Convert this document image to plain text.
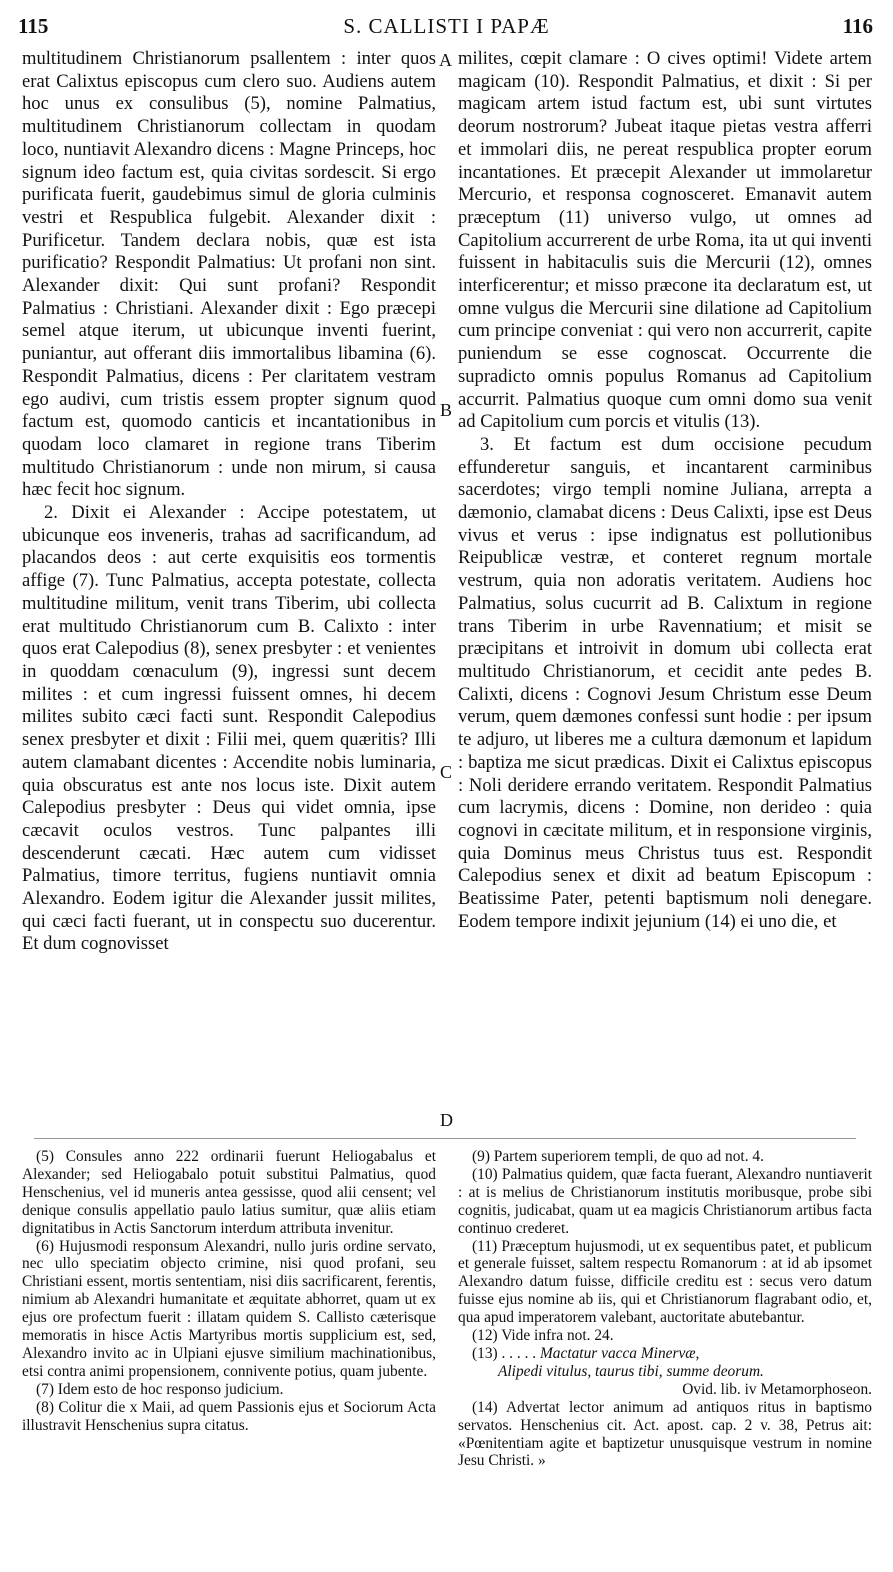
115	S. CALLISTI I PAPÆ	116
A
B
C
D

multitudinem Christianorum psallentem : inter quos erat Calixtus episcopus cum clero suo. Audiens autem hoc unus ex consulibus (5), nomine Palmatius, multitudinem Christianorum collectam in quodam loco, nuntiavit Alexandro dicens : Magne Princeps, hoc signum ideo factum est, quia civitas sordescit. Si ergo purificata fuerit, gaudebimus simul de gloria culminis vestri et Respublica fulgebit. Alexander dixit : Purificetur. Tandem declara nobis, quæ est ista purificatio? Respondit Palmatius: Ut profani non sint. Alexander dixit: Qui sunt profani? Respondit Palmatius : Christiani. Alexander dixit : Ego præcepi semel atque iterum, ut ubicunque inventi fuerint, puniantur, aut offerant diis immortalibus libamina (6). Respondit Palmatius, dicens : Per claritatem vestram ego audivi, cum tristis essem propter signum quod factum est, quomodo canticis et incantationibus in quodam loco clamaret in regione trans Tiberim multitudo Christianorum : unde non mirum, si causa hæc fecit hoc signum.

2. Dixit ei Alexander : Accipe potestatem, ut ubicunque eos inveneris, trahas ad sacrificandum, ad placandos deos : aut certe exquisitis eos tormentis affige (7). Tunc Palmatius, accepta potestate, collecta multitudine militum, venit trans Tiberim, ubi collecta erat multitudo Christianorum cum B. Calixto : inter quos erat Calepodius (8), senex presbyter : et venientes in quoddam cœnaculum (9), ingressi sunt decem milites : et cum ingressi fuissent omnes, hi decem milites subito cæci facti sunt. Respondit Calepodius senex presbyter et dixit : Filii mei, quem quæritis? Illi autem clamabant dicentes : Accendite nobis luminaria, quia obscuratus est ante nos locus iste. Dixit autem Calepodius presbyter : Deus qui videt omnia, ipse cæcavit oculos vestros. Tunc palpantes illi descenderunt cæcati. Hæc autem cum vidisset Palmatius, timore territus, fugiens nuntiavit omnia Alexandro. Eodem igitur die Alexander jussit milites, qui cæci facti fuerant, ut in conspectu suo ducerentur. Et dum cognovisset

milites, cœpit clamare : O cives optimi! Videte artem magicam (10). Respondit Palmatius, et dixit : Si per magicam artem istud factum est, ubi sunt virtutes deorum nostrorum? Jubeat itaque pietas vestra afferri et immolari diis, ne pereat respublica propter eorum incantationes. Et præcepit Alexander ut immolaretur Mercurio, et responsa cognosceret. Emanavit autem præceptum (11) universo vulgo, ut omnes ad Capitolium accurrerent de urbe Roma, ita ut qui inventi fuissent in habitaculis suis die Mercurii (12), omnes interficerentur; et misso præcone ita declaratum est, ut omne vulgus die Mercurii sine dilatione ad Capitolium cum principe conveniat : qui vero non accurrerit, capite puniendum se esse cognoscat. Occurrente die supradicto omnis populus Romanus ad Capitolium accurrit. Palmatius quoque cum omni domo sua venit ad Capitolium cum porcis et vitulis (13).

3. Et factum est dum occisione pecudum effunderetur sanguis, et incantarent carminibus sacerdotes; virgo templi nomine Juliana, arrepta a dæmonio, clamabat dicens : Deus Calixti, ipse est Deus vivus et verus : ipse indignatus est pollutionibus Reipublicæ vestræ, et conteret regnum mortale vestrum, quia non adoratis veritatem. Audiens hoc Palmatius, solus cucurrit ad B. Calixtum in regione trans Tiberim in urbe Ravennatium; et misit se præcipitans et introivit in domum ubi collecta erat multitudo Christianorum, et cecidit ante pedes B. Calixti, dicens : Cognovi Jesum Christum esse Deum verum, quem dæmones confessi sunt hodie : per ipsum te adjuro, ut liberes me a cultura dæmonum et lapidum : baptiza me sicut prædicas. Dixit ei Calixtus episcopus : Noli deridere errando veritatem. Respondit Palmatius cum lacrymis, dicens : Domine, non derideo : quia cognovi in cæcitate militum, et in responsione virginis, quia Dominus meus Christus tuus est. Respondit Calepodius senex et dixit ad beatum Episcopum : Beatissime Pater, petenti baptismum noli denegare. Eodem tempore indixit jejunium (14) ei uno die, et

(5) Consules anno 222 ordinarii fuerunt Heliogabalus et Alexander; sed Heliogabalo potuit substitui Palmatius, quod Henschenius, vel id muneris antea gessisse, quod alii censent; vel denique consulis appellatio paulo latius sumitur, quæ aliis etiam dignitatibus in Actis Sanctorum interdum attributa invenitur.

(6) Hujusmodi responsum Alexandri, nullo juris ordine servato, nec ullo speciatim objecto crimine, nisi quod profani, seu Christiani essent, mortis sententiam, nisi diis sacrificarent, ferentis, nimium ab Alexandri humanitate et æquitate abhorret, quam ut ex ejus ore profectum fuerit : illatam quidem S. Callisto cæterisque memoratis in hisce Actis Martyribus mortis supplicium est, sed, Alexandro invito ac in Ulpiani ejusve similium machinationibus, etsi contra animi propensionem, connivente potius, quam jubente.

(7) Idem esto de hoc responso judicium.

(8) Colitur die x Maii, ad quem Passionis ejus et Sociorum Acta illustravit Henschenius supra citatus.

(9) Partem superiorem templi, de quo ad not. 4.

(10) Palmatius quidem, quæ facta fuerant, Alexandro nuntiaverit : at is melius de Christianorum institutis moribusque, probe sibi cognitis, judicabat, quam ut ea magicis Christianorum artibus facta continuo crederet.

(11) Præceptum hujusmodi, ut ex sequentibus patet, et publicum et generale fuisset, saltem respectu Romanorum : at id ab ipsomet Alexandro datum fuisse, difficile creditu est : secus vero datum fuisse ejus nomine ab iis, qui et Christianorum flagrabant odio, et, qua apud imperatorem valebant, auctoritate abutebantur.

(12) Vide infra not. 24.

(13) . . . . . Mactatur vacca Minervæ,

Alipedi vitulus, taurus tibi, summe deorum.

Ovid. lib. iv Metamorphoseon.

(14) Advertat lector animum ad antiquos ritus in baptismo servatos. Henschenius cit. Act. apost. cap. 2 v. 38, Petrus ait: «Pœnitentiam agite et baptizetur unusquisque vestrum in nomine Jesu Christi. »
